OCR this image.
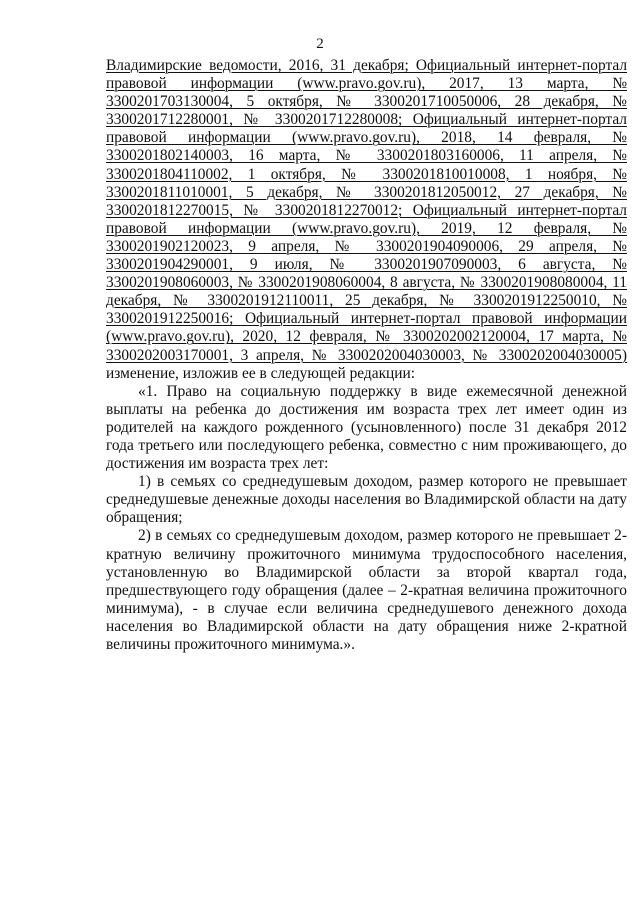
2

Владимирские ведомости, 2016, 31 декабря; Официальный интернет-портал правовой информации (www.pravo.gov.ru), 2017, 13 марта, № 3300201703130004, 5 октября, № 3300201710050006, 28 декабря, № 3300201712280001, № 3300201712280008; Официальный интернет-портал правовой информации (www.pravo.gov.ru), 2018, 14 февраля, № 3300201802140003, 16 марта, № 3300201803160006, 11 апреля, № 3300201804110002, 1 октября, № 3300201810010008, 1 ноября, № 3300201811010001, 5 декабря, № 3300201812050012, 27 декабря, № 3300201812270015, № 3300201812270012; Официальный интернет-портал правовой информации (www.pravo.gov.ru), 2019, 12 февраля, № 3300201902120023, 9 апреля, № 3300201904090006, 29 апреля, № 3300201904290001, 9 июля, № 3300201907090003, 6 августа, № 3300201908060003, № 3300201908060004, 8 августа, № 3300201908080004, 11 декабря, № 3300201912110011, 25 декабря, № 3300201912250010, № 3300201912250016; Официальный интернет-портал правовой информации (www.pravo.gov.ru), 2020, 12 февраля, № 3300202002120004, 17 марта, № 3300202003170001, 3 апреля, № 3300202004030003, № 3300202004030005) изменение, изложив ее в следующей редакции:

«1. Право на социальную поддержку в виде ежемесячной денежной выплаты на ребенка до достижения им возраста трех лет имеет один из родителей на каждого рожденного (усыновленного) после 31 декабря 2012 года третьего или последующего ребенка, совместно с ним проживающего, до достижения им возраста трех лет:

1) в семьях со среднедушевым доходом, размер которого не превышает среднедушевые денежные доходы населения во Владимирской области на дату обращения;

2) в семьях со среднедушевым доходом, размер которого не превышает 2-кратную величину прожиточного минимума трудоспособного населения, установленную во Владимирской области за второй квартал года, предшествующего году обращения (далее – 2-кратная величина прожиточного минимума), - в случае если величина среднедушевого денежного дохода населения во Владимирской области на дату обращения ниже 2-кратной величины прожиточного минимума.».
